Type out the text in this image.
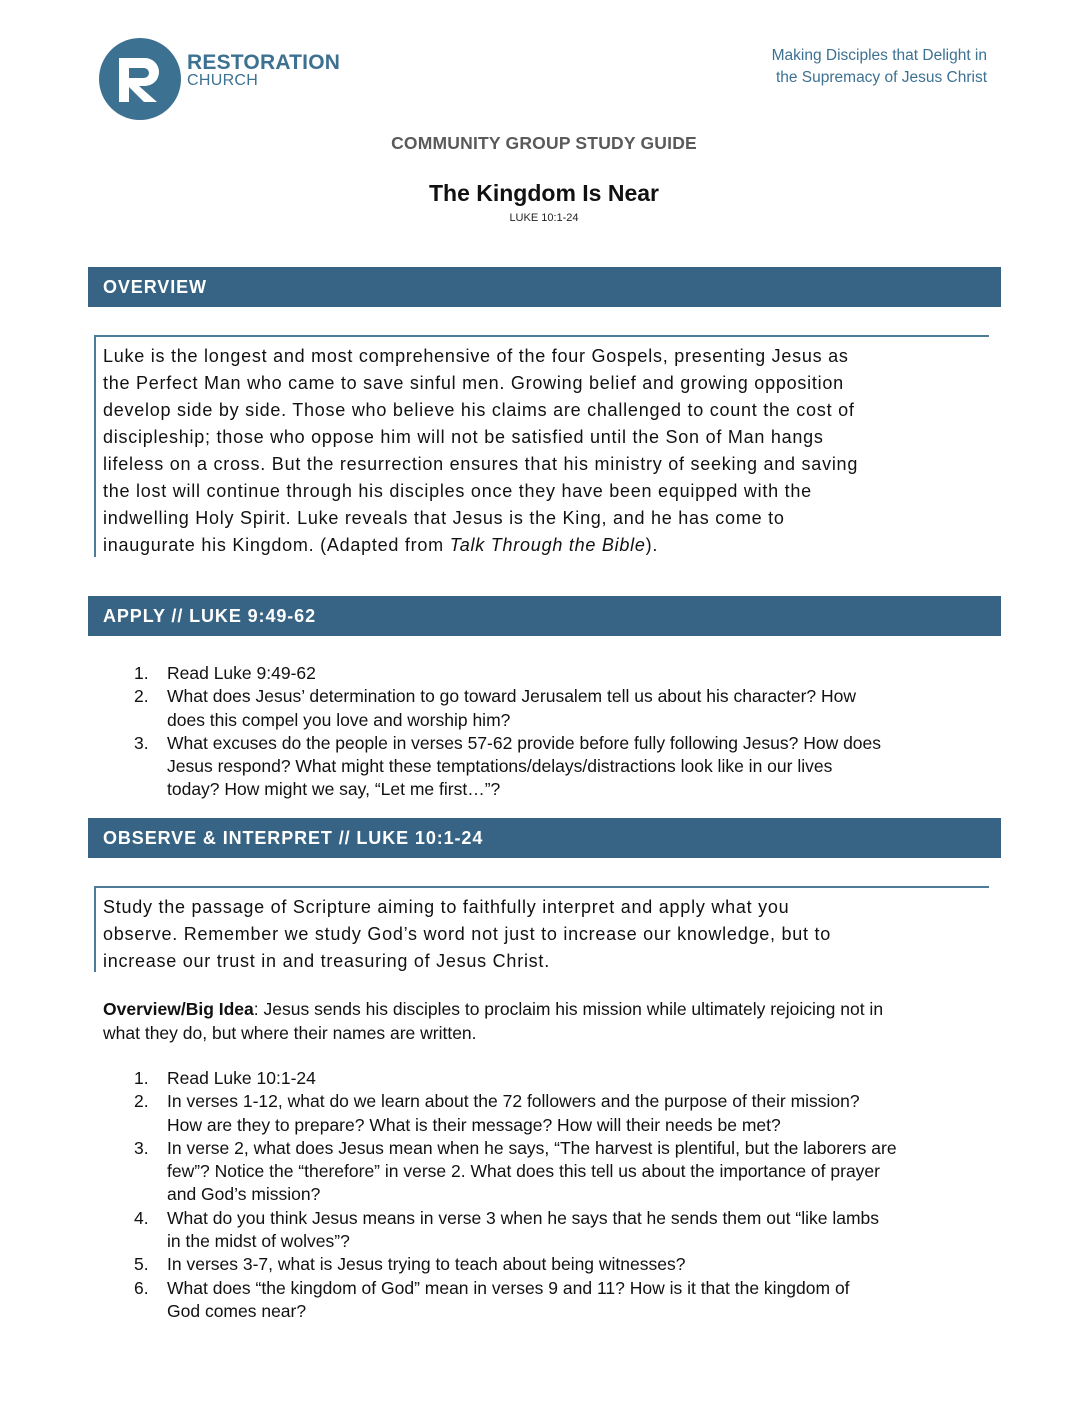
RESTORATION
CHURCH
Making Disciples that Delight in
the Supremacy of Jesus Christ
COMMUNITY GROUP STUDY GUIDE
The Kingdom Is Near
LUKE 10:1-24
OVERVIEW
Luke is the longest and most comprehensive of the four Gospels, presenting Jesus as
the Perfect Man who came to save sinful men. Growing belief and growing opposition
develop side by side. Those who believe his claims are challenged to count the cost of
discipleship; those who oppose him will not be satisfied until the Son of Man hangs
lifeless on a cross. But the resurrection ensures that his ministry of seeking and saving
the lost will continue through his disciples once they have been equipped with the
indwelling Holy Spirit. Luke reveals that Jesus is the King, and he has come to
inaugurate his Kingdom. (Adapted from Talk Through the Bible).
APPLY // LUKE 9:49-62
1. Read Luke 9:49-62
2. What does Jesus’ determination to go toward Jerusalem tell us about his character? How
does this compel you love and worship him?
3. What excuses do the people in verses 57-62 provide before fully following Jesus? How does
Jesus respond? What might these temptations/delays/distractions look like in our lives
today? How might we say, “Let me first…”?
OBSERVE & INTERPRET // LUKE 10:1-24
Study the passage of Scripture aiming to faithfully interpret and apply what you
observe. Remember we study God’s word not just to increase our knowledge, but to
increase our trust in and treasuring of Jesus Christ.
Overview/Big Idea: Jesus sends his disciples to proclaim his mission while ultimately rejoicing not in
what they do, but where their names are written.
1. Read Luke 10:1-24
2. In verses 1-12, what do we learn about the 72 followers and the purpose of their mission?
How are they to prepare? What is their message? How will their needs be met?
3. In verse 2, what does Jesus mean when he says, “The harvest is plentiful, but the laborers are
few”? Notice the “therefore” in verse 2. What does this tell us about the importance of prayer
and God’s mission?
4. What do you think Jesus means in verse 3 when he says that he sends them out “like lambs
in the midst of wolves”?
5. In verses 3-7, what is Jesus trying to teach about being witnesses?
6. What does “the kingdom of God” mean in verses 9 and 11? How is it that the kingdom of
God comes near?
